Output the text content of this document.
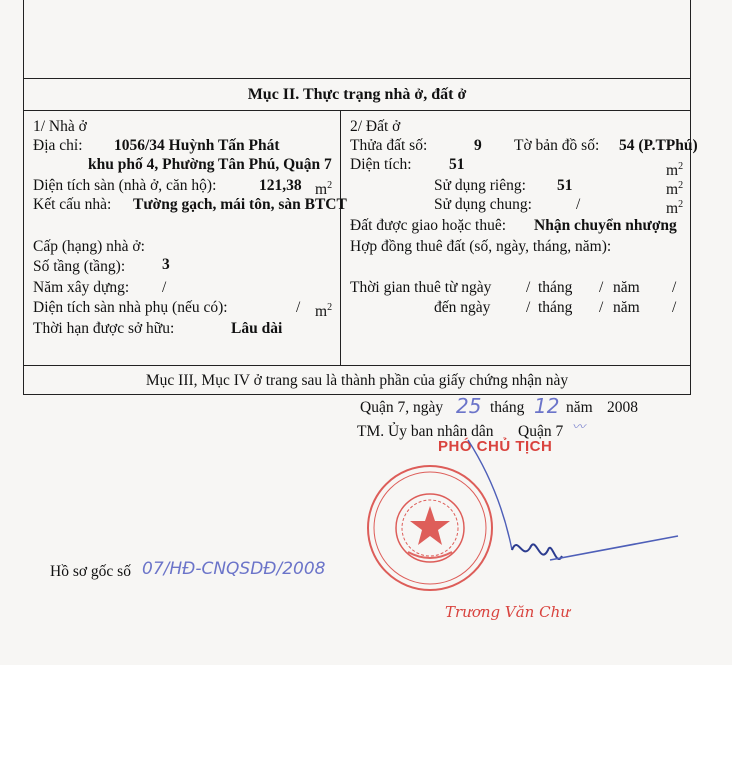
Mục II. Thực trạng nhà ở, đất ở
1/ Nhà ở
Địa chỉ: 1056/34 Huỳnh Tấn Phát
khu phố 4, Phường Tân Phú, Quận 7
Diện tích sàn (nhà ở, căn hộ):	121,38 $m^2$
Kết cấu nhà: Tường gạch, mái tôn, sàn BTCT
Cấp (hạng) nhà ở:
Số tầng (tầng): 3
Năm xây dựng: /
Diện tích sàn nhà phụ (nếu có):	/ $m^2$
Thời hạn được sở hữu:	Lâu dài
2/ Đất ở
Thửa đất số:	9 Tờ bản đồ số: 54 (P.TPhú)
Diện tích: 51	$m^2$
Sử dụng riêng: 51	$m^2$
Sử dụng chung:	/	$m^2$
Đất được giao hoặc thuê: Nhận chuyển nhượng
Hợp đồng thuê đất (số, ngày, tháng, năm):
Thời gian thuê từ ngày / tháng / năm /
đến ngày / tháng / năm /
Mục III, Mục IV ở trang sau là thành phần của giấy chứng nhận này
Quận 7, ngày 25 tháng 12 năm 2008
TM. Ủy ban nhân dân Quận 7 〰
PHÓ CHỦ TỊCH
Trương Văn Chư
Hồ sơ gốc số 07/HĐ-CNQSDĐ/2008
